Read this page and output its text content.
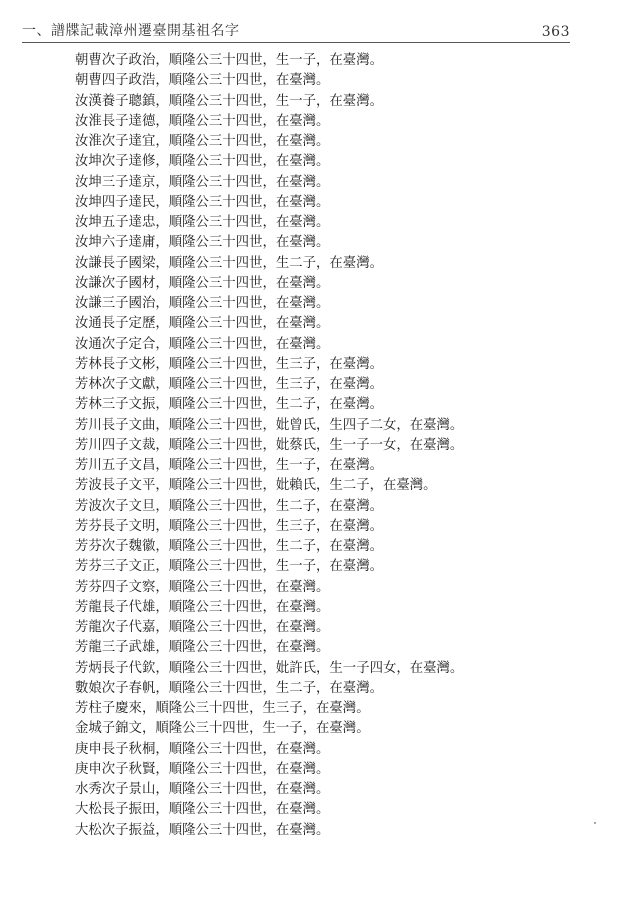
一、譜牒記載漳州遷臺開基祖名字	363
朝曹次子政治，順隆公三十四世，生一子，在臺灣。
朝曹四子政浩，順隆公三十四世，在臺灣。
汝漢養子聰鎮，順隆公三十四世，生一子，在臺灣。
汝淮長子達德，順隆公三十四世，在臺灣。
汝淮次子達宜，順隆公三十四世，在臺灣。
汝坤次子達修，順隆公三十四世，在臺灣。
汝坤三子達京，順隆公三十四世，在臺灣。
汝坤四子達民，順隆公三十四世，在臺灣。
汝坤五子達忠，順隆公三十四世，在臺灣。
汝坤六子達庸，順隆公三十四世，在臺灣。
汝謙長子國梁，順隆公三十四世，生二子，在臺灣。
汝謙次子國材，順隆公三十四世，在臺灣。
汝謙三子國治，順隆公三十四世，在臺灣。
汝通長子定歷，順隆公三十四世，在臺灣。
汝通次子定合，順隆公三十四世，在臺灣。
芳林長子文彬，順隆公三十四世，生三子，在臺灣。
芳林次子文獻，順隆公三十四世，生三子，在臺灣。
芳林三子文振，順隆公三十四世，生二子，在臺灣。
芳川長子文曲，順隆公三十四世，妣曾氏，生四子二女，在臺灣。
芳川四子文裁，順隆公三十四世，妣蔡氏，生一子一女，在臺灣。
芳川五子文昌，順隆公三十四世，生一子，在臺灣。
芳波長子文平，順隆公三十四世，妣賴氏，生二子，在臺灣。
芳波次子文旦，順隆公三十四世，生二子，在臺灣。
芳芬長子文明，順隆公三十四世，生三子，在臺灣。
芳芬次子魏徽，順隆公三十四世，生二子，在臺灣。
芳芬三子文正，順隆公三十四世，生一子，在臺灣。
芳芬四子文察，順隆公三十四世，在臺灣。
芳龍長子代雄，順隆公三十四世，在臺灣。
芳龍次子代嘉，順隆公三十四世，在臺灣。
芳龍三子武雄，順隆公三十四世，在臺灣。
芳炳長子代欽，順隆公三十四世，妣許氏，生一子四女，在臺灣。
數娘次子春帆，順隆公三十四世，生二子，在臺灣。
芳柱子慶來，順隆公三十四世，生三子，在臺灣。
金城子錦文，順隆公三十四世，生一子，在臺灣。
庚申長子秋桐，順隆公三十四世，在臺灣。
庚申次子秋賢，順隆公三十四世，在臺灣。
水秀次子景山，順隆公三十四世，在臺灣。
大松長子振田，順隆公三十四世，在臺灣。
大松次子振益，順隆公三十四世，在臺灣。
